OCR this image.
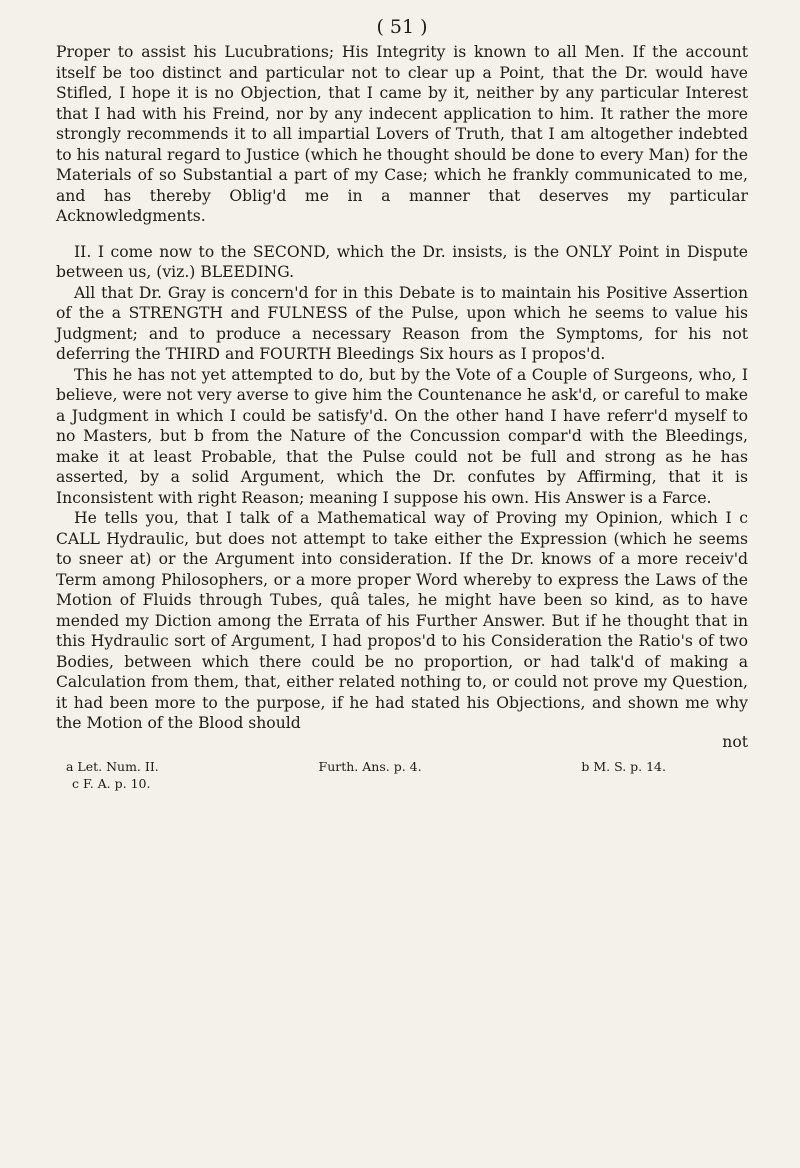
( 51 )

Proper to assist his Lucubrations; His Integrity is known to all Men. If the account itself be too distinct and particular not to clear up a Point, that the Dr. would have Stifled, I hope it is no Objection, that I came by it, neither by any particular Interest that I had with his Freind, nor by any indecent application to him. It rather the more strongly recommends it to all impartial Lovers of Truth, that I am altogether indebted to his natural regard to Justice (which he thought should be done to every Man) for the Materials of so Substantial a part of my Case; which he frankly communicated to me, and has thereby Oblig'd me in a manner that deserves my particular Acknowledgments.

II. I come now to the SECOND, which the Dr. insists, is the ONLY Point in Dispute between us, (viz.) BLEEDING.

All that Dr. Gray is concern'd for in this Debate is to maintain his Positive Assertion of the a STRENGTH and FULNESS of the Pulse, upon which he seems to value his Judgment; and to produce a necessary Reason from the Symptoms, for his not deferring the THIRD and FOURTH Bleedings Six hours as I propos'd.

This he has not yet attempted to do, but by the Vote of a Couple of Surgeons, who, I believe, were not very averse to give him the Countenance he ask'd, or careful to make a Judgment in which I could be satisfy'd. On the other hand I have referr'd myself to no Masters, but b from the Nature of the Concussion compar'd with the Bleedings, make it at least Probable, that the Pulse could not be full and strong as he has asserted, by a solid Argument, which the Dr. confutes by Affirming, that it is Inconsistent with right Reason; meaning I suppose his own. His Answer is a Farce.

He tells you, that I talk of a Mathematical way of Proving my Opinion, which I c CALL Hydraulic, but does not attempt to take either the Expression (which he seems to sneer at) or the Argument into consideration. If the Dr. knows of a more receiv'd Term among Philosophers, or a more proper Word whereby to express the Laws of the Motion of Fluids through Tubes, quâ tales, he might have been so kind, as to have mended my Diction among the Errata of his Further Answer. But if he thought that in this Hydraulic sort of Argument, I had propos'd to his Consideration the Ratio's of two Bodies, between which there could be no proportion, or had talk'd of making a Calculation from them, that, either related nothing to, or could not prove my Question, it had been more to the purpose, if he had stated his Objections, and shown me why the Motion of the Blood should

not
a Let. Num. II.	Furth. Ans. p. 4.	b M. S. p. 14.
c F. A. p. 10.
